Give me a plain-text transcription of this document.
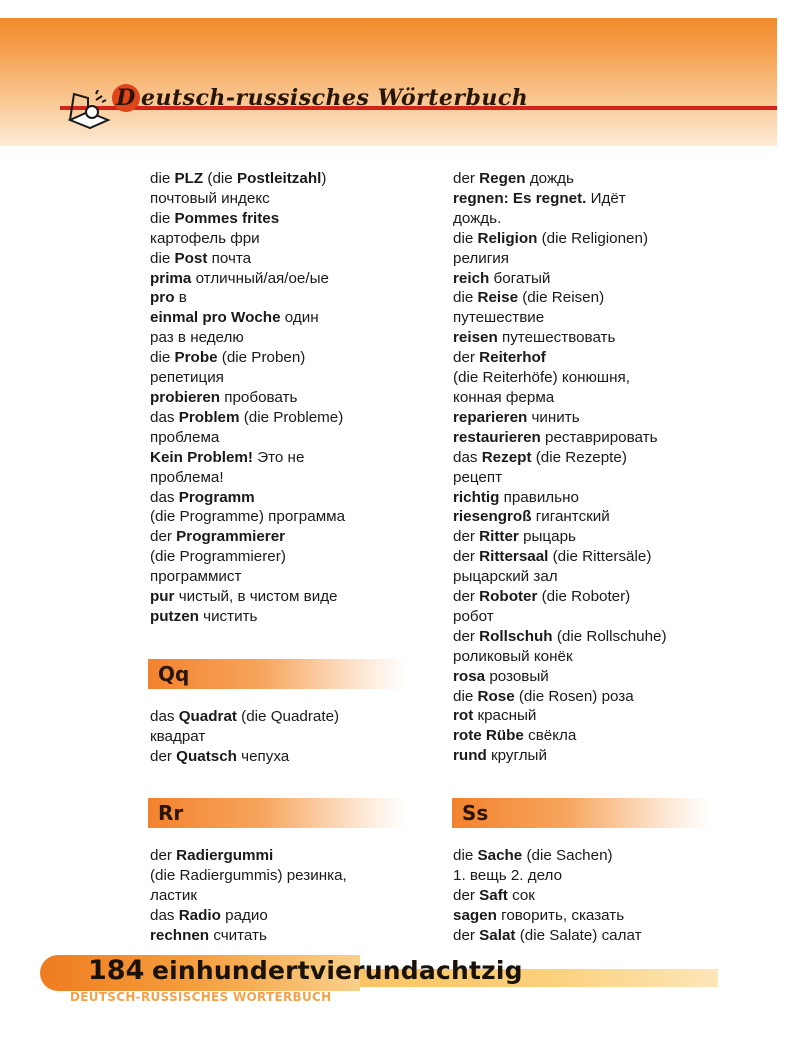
D eutsch-russisches Wörterbuch
die PLZ (die Postleitzahl)
почтовый индекс
die Pommes frites
картофель фри
die Post почта
prima отличный/ая/ое/ые
pro в
einmal pro Woche один
раз в неделю
die Probe (die Proben)
репетиция
probieren пробовать
das Problem (die Probleme)
проблема
Kein Problem! Это не
проблема!
das Programm
(die Programme) программа
der Programmierer
(die Programmierer)
программист
pur чистый, в чистом виде
putzen чистить
der Regen дождь
regnen: Es regnet. Идёт
дождь.
die Religion (die Religionen)
религия
reich богатый
die Reise (die Reisen)
путешествие
reisen путешествовать
der Reiterhof
(die Reiterhöfe) конюшня,
конная ферма
reparieren чинить
restaurieren реставрировать
das Rezept (die Rezepte)
рецепт
richtig правильно
riesengroß гигантский
der Ritter рыцарь
der Rittersaal (die Rittersäle)
рыцарский зал
der Roboter (die Roboter)
робот
der Rollschuh (die Rollschuhe)
роликовый конёк
rosa розовый
die Rose (die Rosen) роза
rot красный
rote Rübe свёкла
rund круглый
Qq
das Quadrat (die Quadrate)
квадрат
der Quatsch чепуха
Rr
der Radiergummi
(die Radiergummis) резинка,
ластик
das Radio радио
rechnen считать
Ss
die Sache (die Sachen)
1. вещь 2. дело
der Saft сок
sagen говорить, сказать
der Salat (die Salate) салат
184 einhundertvierundachtzig
DEUTSCH-RUSSISCHES WÖRTERBUCH
